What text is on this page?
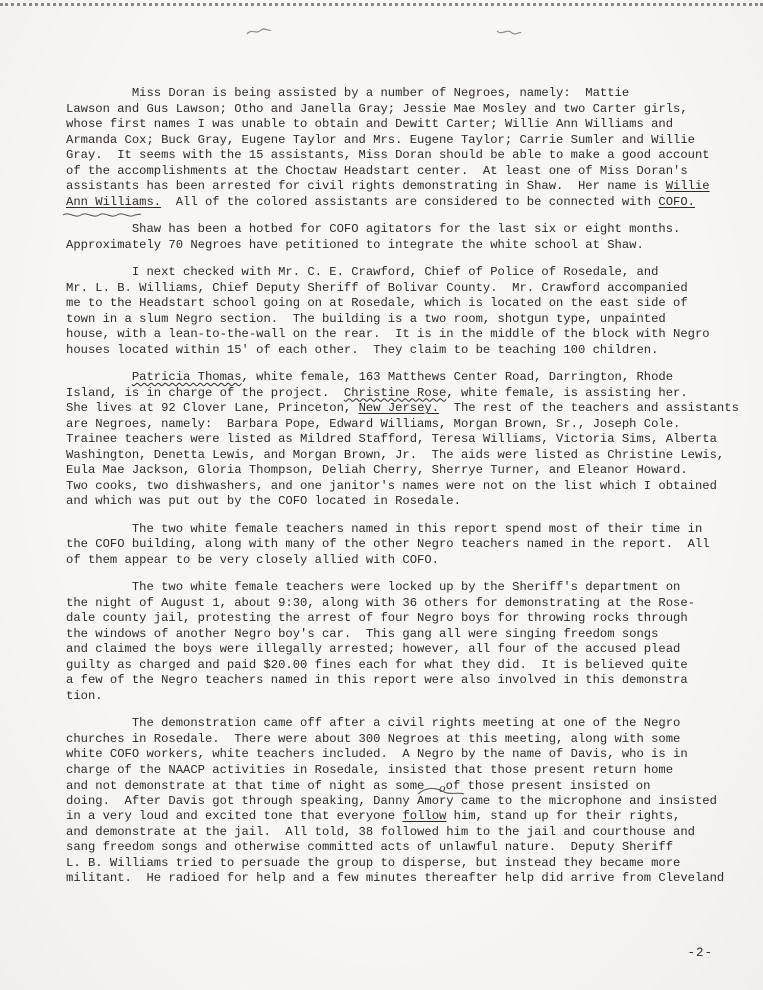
Miss Doran is being assisted by a number of Negroes, namely:  Mattie
Lawson and Gus Lawson; Otho and Janella Gray; Jessie Mae Mosley and two Carter girls,
whose first names I was unable to obtain and Dewitt Carter; Willie Ann Williams and
Armanda Cox; Buck Gray, Eugene Taylor and Mrs. Eugene Taylor; Carrie Sumler and Willie
Gray.  It seems with the 15 assistants, Miss Doran should be able to make a good account
of the accomplishments at the Choctaw Headstart center.  At least one of Miss Doran's
assistants has been arrested for civil rights demonstrating in Shaw.  Her name is Willie
Ann Williams.  All of the colored assistants are considered to be connected with COFO.
Shaw has been a hotbed for COFO agitators for the last six or eight months.
Approximately 70 Negroes have petitioned to integrate the white school at Shaw.
I next checked with Mr. C. E. Crawford, Chief of Police of Rosedale, and
Mr. L. B. Williams, Chief Deputy Sheriff of Bolivar County.  Mr. Crawford accompanied
me to the Headstart school going on at Rosedale, which is located on the east side of
town in a slum Negro section.  The building is a two room, shotgun type, unpainted
house, with a lean-to-the-wall on the rear.  It is in the middle of the block with Negro
houses located within 15' of each other.  They claim to be teaching 100 children.
Patricia Thomas, white female, 163 Matthews Center Road, Darrington, Rhode
Island, is in charge of the project.  Christine Rose, white female, is assisting her.
She lives at 92 Clover Lane, Princeton, New Jersey.  The rest of the teachers and assistants
are Negroes, namely:  Barbara Pope, Edward Williams, Morgan Brown, Sr., Joseph Cole.
Trainee teachers were listed as Mildred Stafford, Teresa Williams, Victoria Sims, Alberta
Washington, Denetta Lewis, and Morgan Brown, Jr.  The aids were listed as Christine Lewis,
Eula Mae Jackson, Gloria Thompson, Deliah Cherry, Sherrye Turner, and Eleanor Howard.
Two cooks, two dishwashers, and one janitor's names were not on the list which I obtained
and which was put out by the COFO located in Rosedale.
The two white female teachers named in this report spend most of their time in
the COFO building, along with many of the other Negro teachers named in the report.  All
of them appear to be very closely allied with COFO.
The two white female teachers were locked up by the Sheriff's department on
the night of August 1, about 9:30, along with 36 others for demonstrating at the Rose-
dale county jail, protesting the arrest of four Negro boys for throwing rocks through
the windows of another Negro boy's car.  This gang all were singing freedom songs
and claimed the boys were illegally arrested; however, all four of the accused plead
guilty as charged and paid $20.00 fines each for what they did.  It is believed quite
a few of the Negro teachers named in this report were also involved in this demonstra
tion.
The demonstration came off after a civil rights meeting at one of the Negro
churches in Rosedale.  There were about 300 Negroes at this meeting, along with some
white COFO workers, white teachers included.  A Negro by the name of Davis, who is in
charge of the NAACP activities in Rosedale, insisted that those present return home
and not demonstrate at that time of night as some  oof those present insisted on
doing.  After Davis got through speaking, Danny Amory came to the microphone and insisted
in a very loud and excited tone that everyone follow him, stand up for their rights,
and demonstrate at the jail.  All told, 38 followed him to the jail and courthouse and
sang freedom songs and otherwise committed acts of unlawful nature.  Deputy Sheriff
L. B. Williams tried to persuade the group to disperse, but instead they became more
militant.  He radioed for help and a few minutes thereafter help did arrive from Cleveland
-2-
